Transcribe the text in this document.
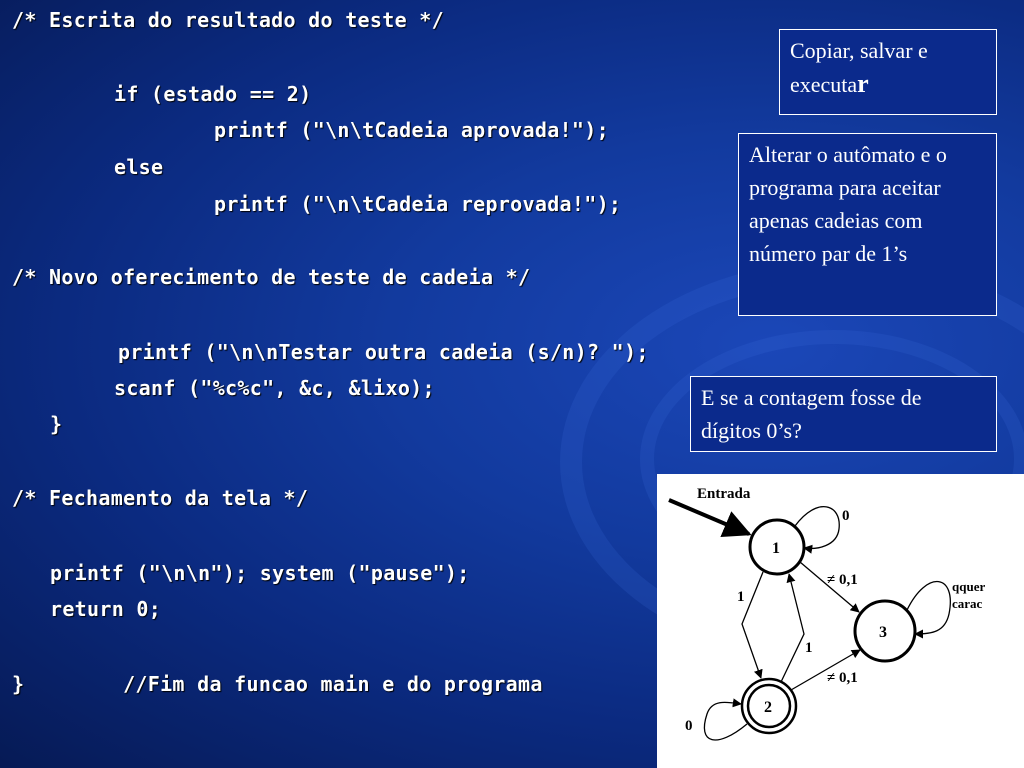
/* Escrita do resultado do teste */
if (estado == 2)
printf ("\n\tCadeia aprovada!");
else
printf ("\n\tCadeia reprovada!");
/* Novo oferecimento de teste de cadeia */
printf ("\n\nTestar outra cadeia (s/n)? ");
scanf ("%c%c", &c, &lixo);
}
/* Fechamento da tela */
printf ("\n\n"); system ("pause");
return 0;
}        //Fim da funcao main e do programa
Copiar, salvar e executar
Alterar o autômato e o programa para aceitar apenas cadeias com número par de 1’s
E se a contagem fosse de dígitos 0’s?
Entrada
1
0
2
0
3
qquer
carac
1
1
≠ 0,1
≠ 0,1
